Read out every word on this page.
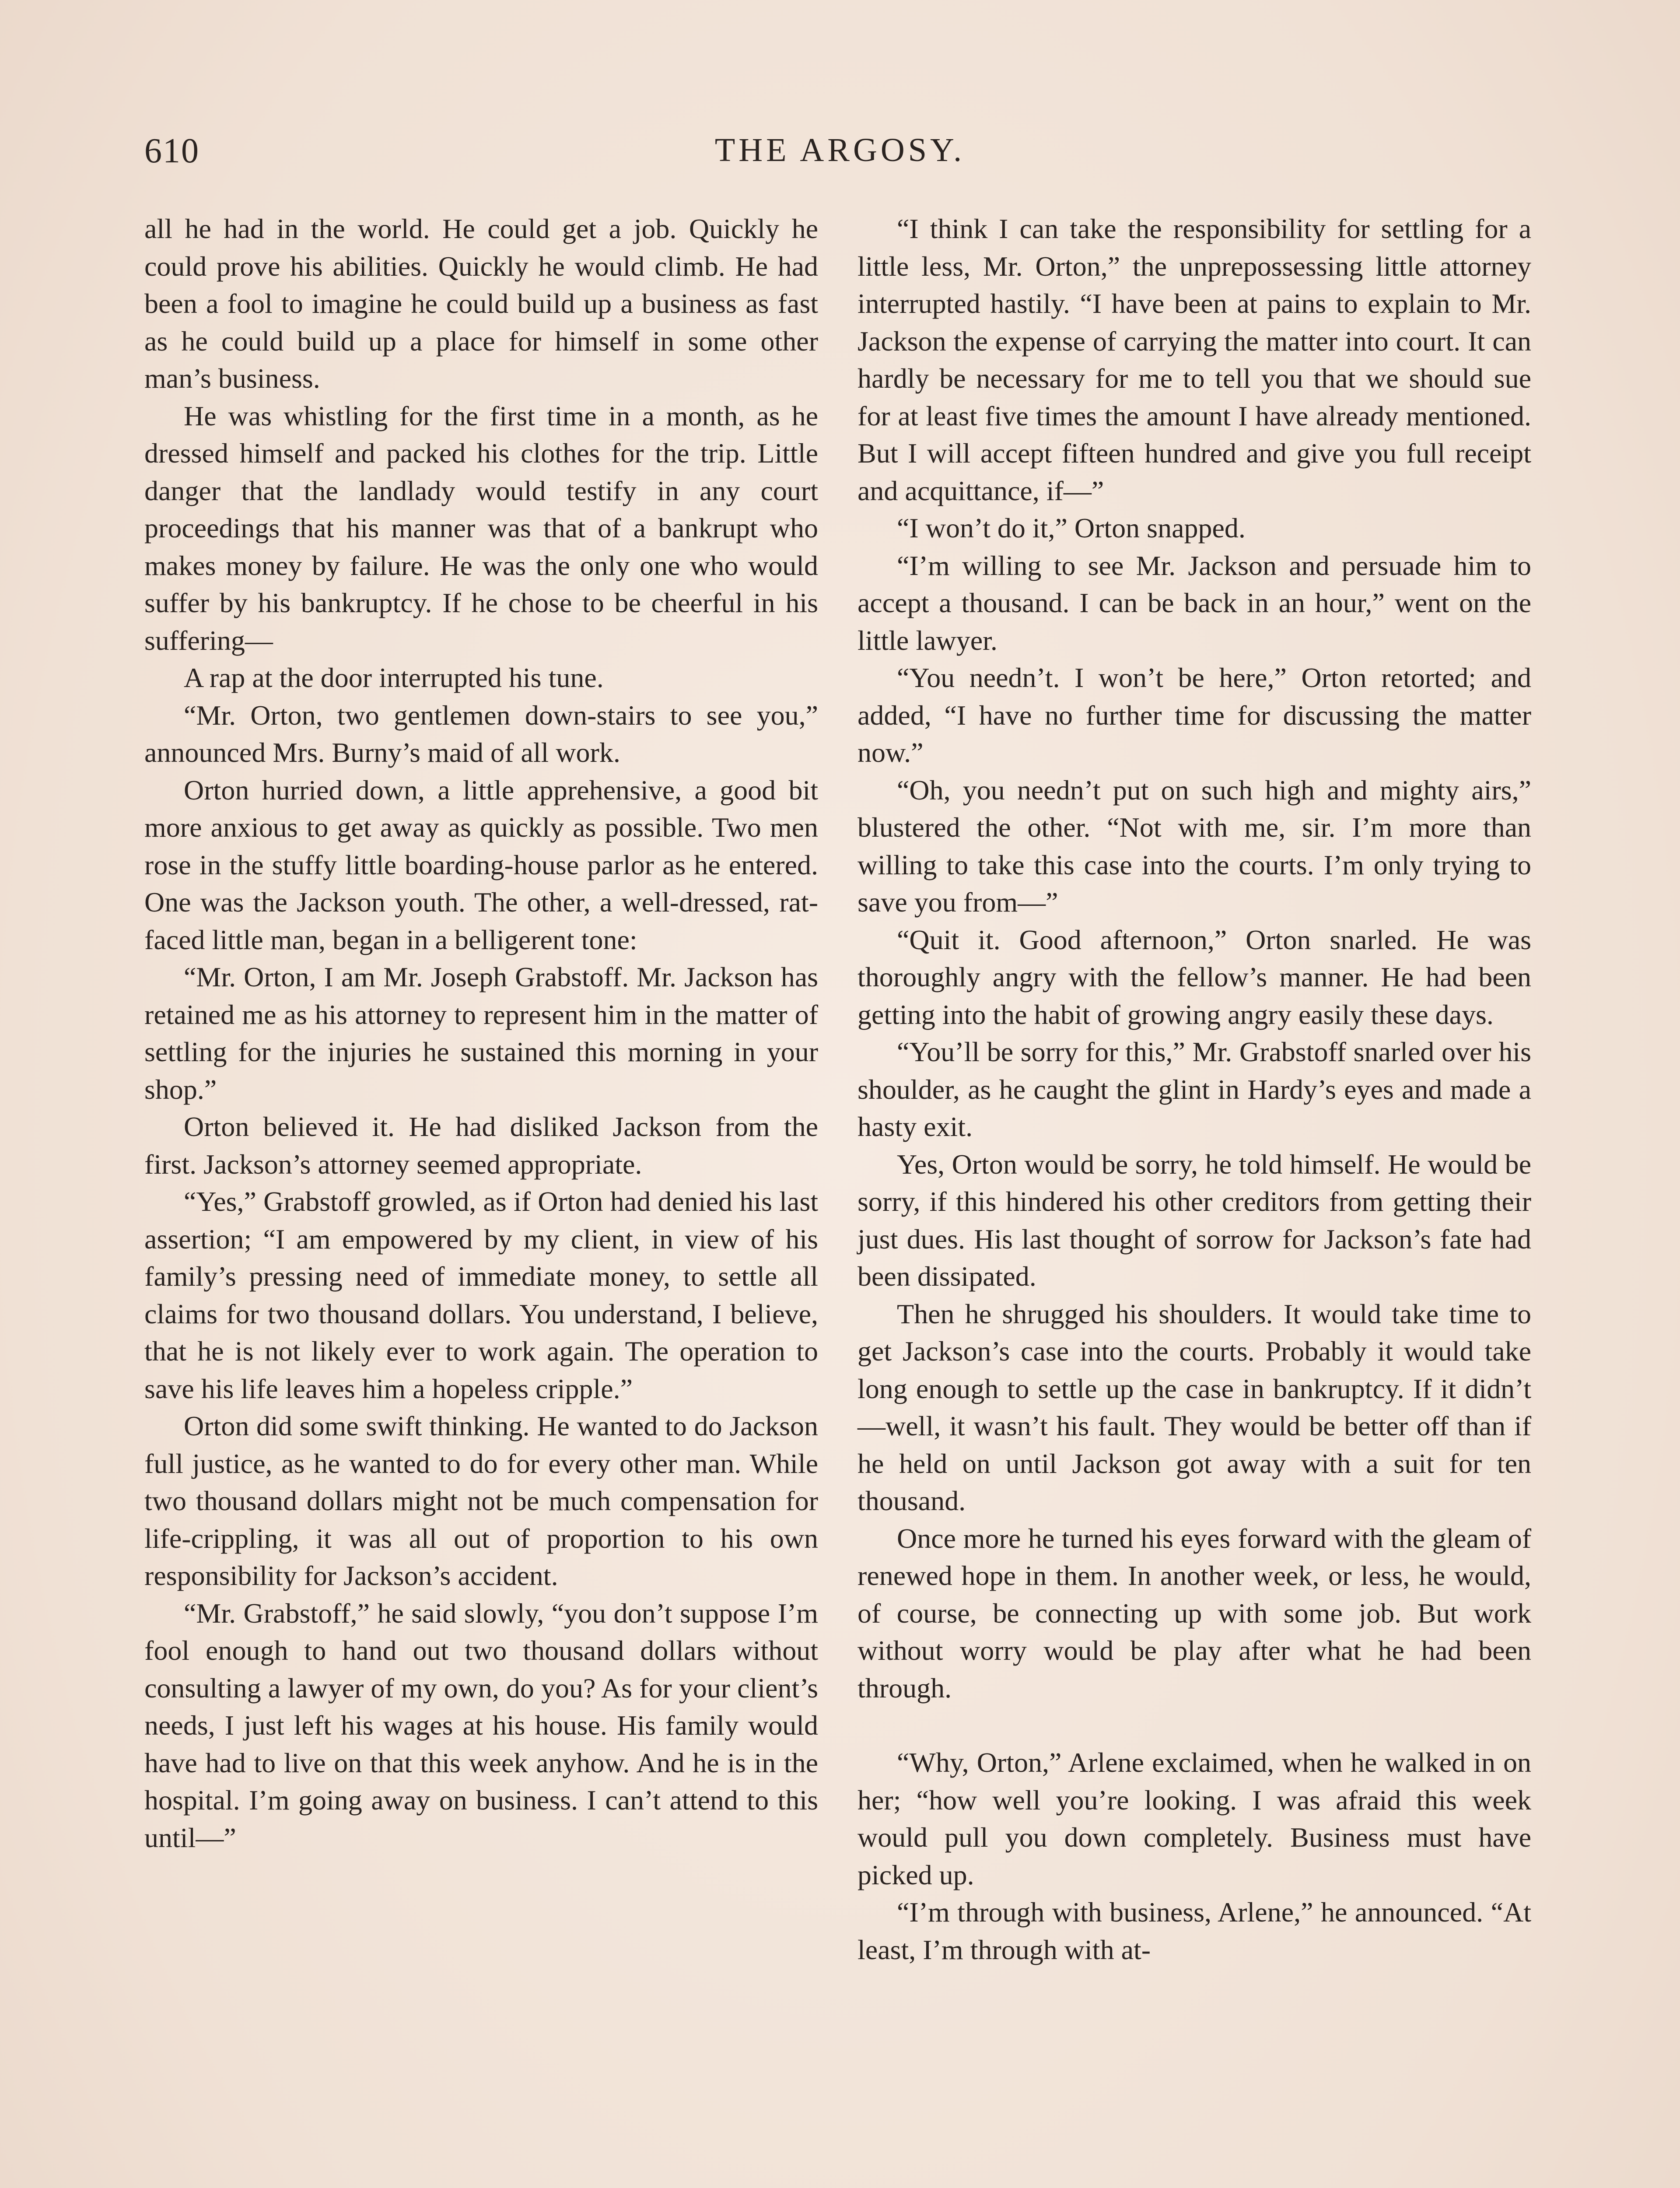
610	THE ARGOSY.

all he had in the world. He could get a job. Quickly he could prove his abilities. Quickly he would climb. He had been a fool to imagine he could build up a business as fast as he could build up a place for himself in some other man’s business.

He was whistling for the first time in a month, as he dressed himself and packed his clothes for the trip. Little danger that the landlady would testify in any court proceedings that his manner was that of a bankrupt who makes money by failure. He was the only one who would suffer by his bankruptcy. If he chose to be cheerful in his suffering—

A rap at the door interrupted his tune.

“Mr. Orton, two gentlemen down-stairs to see you,” announced Mrs. Burny’s maid of all work.

Orton hurried down, a little apprehensive, a good bit more anxious to get away as quickly as possible. Two men rose in the stuffy little boarding-house parlor as he entered. One was the Jackson youth. The other, a well-dressed, rat-faced little man, began in a belligerent tone:

“Mr. Orton, I am Mr. Joseph Grabstoff. Mr. Jackson has retained me as his attorney to represent him in the matter of settling for the injuries he sustained this morning in your shop.”

Orton believed it. He had disliked Jackson from the first. Jackson’s attorney seemed appropriate.

“Yes,” Grabstoff growled, as if Orton had denied his last assertion; “I am empowered by my client, in view of his family’s pressing need of immediate money, to settle all claims for two thousand dollars. You understand, I believe, that he is not likely ever to work again. The operation to save his life leaves him a hopeless cripple.”

Orton did some swift thinking. He wanted to do Jackson full justice, as he wanted to do for every other man. While two thousand dollars might not be much compensation for life-crippling, it was all out of proportion to his own responsibility for Jackson’s accident.

“Mr. Grabstoff,” he said slowly, “you don’t suppose I’m fool enough to hand out two thousand dollars without consulting a lawyer of my own, do you? As for your client’s needs, I just left his wages at his house. His family would have had to live on that this week anyhow. And he is in the hospital. I’m going away on business. I can’t attend to this until—”

“I think I can take the responsibility for settling for a little less, Mr. Orton,” the unprepossessing little attorney interrupted hastily. “I have been at pains to explain to Mr. Jackson the expense of carrying the matter into court. It can hardly be necessary for me to tell you that we should sue for at least five times the amount I have already mentioned. But I will accept fifteen hundred and give you full receipt and acquittance, if—”

“I won’t do it,” Orton snapped.

“I’m willing to see Mr. Jackson and persuade him to accept a thousand. I can be back in an hour,” went on the little lawyer.

“You needn’t. I won’t be here,” Orton retorted; and added, “I have no further time for discussing the matter now.”

“Oh, you needn’t put on such high and mighty airs,” blustered the other. “Not with me, sir. I’m more than willing to take this case into the courts. I’m only trying to save you from—”

“Quit it. Good afternoon,” Orton snarled. He was thoroughly angry with the fellow’s manner. He had been getting into the habit of growing angry easily these days.

“You’ll be sorry for this,” Mr. Grabstoff snarled over his shoulder, as he caught the glint in Hardy’s eyes and made a hasty exit.

Yes, Orton would be sorry, he told himself. He would be sorry, if this hindered his other creditors from getting their just dues. His last thought of sorrow for Jackson’s fate had been dissipated.

Then he shrugged his shoulders. It would take time to get Jackson’s case into the courts. Probably it would take long enough to settle up the case in bankruptcy. If it didn’t—well, it wasn’t his fault. They would be better off than if he held on until Jackson got away with a suit for ten thousand.

Once more he turned his eyes forward with the gleam of renewed hope in them. In another week, or less, he would, of course, be connecting up with some job. But work without worry would be play after what he had been through.

“Why, Orton,” Arlene exclaimed, when he walked in on her; “how well you’re looking. I was afraid this week would pull you down completely. Business must have picked up.

“I’m through with business, Arlene,” he announced. “At least, I’m through with at-
